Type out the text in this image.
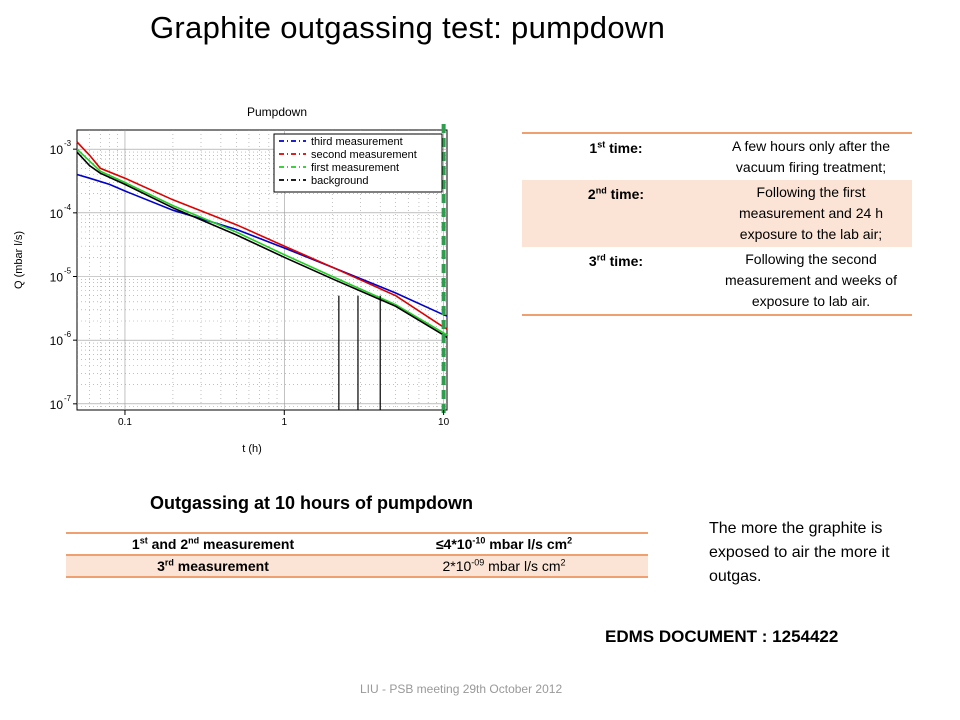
Graphite outgassing test: pumpdown
Pumpdown
0.1	1	10
t (h)
10 -7
10 -6
10 -5
10 -4
10 -3
Q (mbar l/s)
third measurement
second measurement
first measurement
background
1st time:	A few hours only after the vacuum firing treatment;
2nd time:	Following the first measurement and 24 h exposure to the lab air;
3rd time:	Following the second measurement and weeks of exposure to lab air.
Outgassing at 10 hours of pumpdown
1st and 2nd measurement	$\le 4*10^{-10}$ mbar l/s $cm^2$
3rd measurement	$2*10^{-09}$ mbar l/s $cm^2$
The more the graphite is exposed to air the more it outgas.
EDMS DOCUMENT : 1254422
LIU - PSB meeting 29th October 2012
